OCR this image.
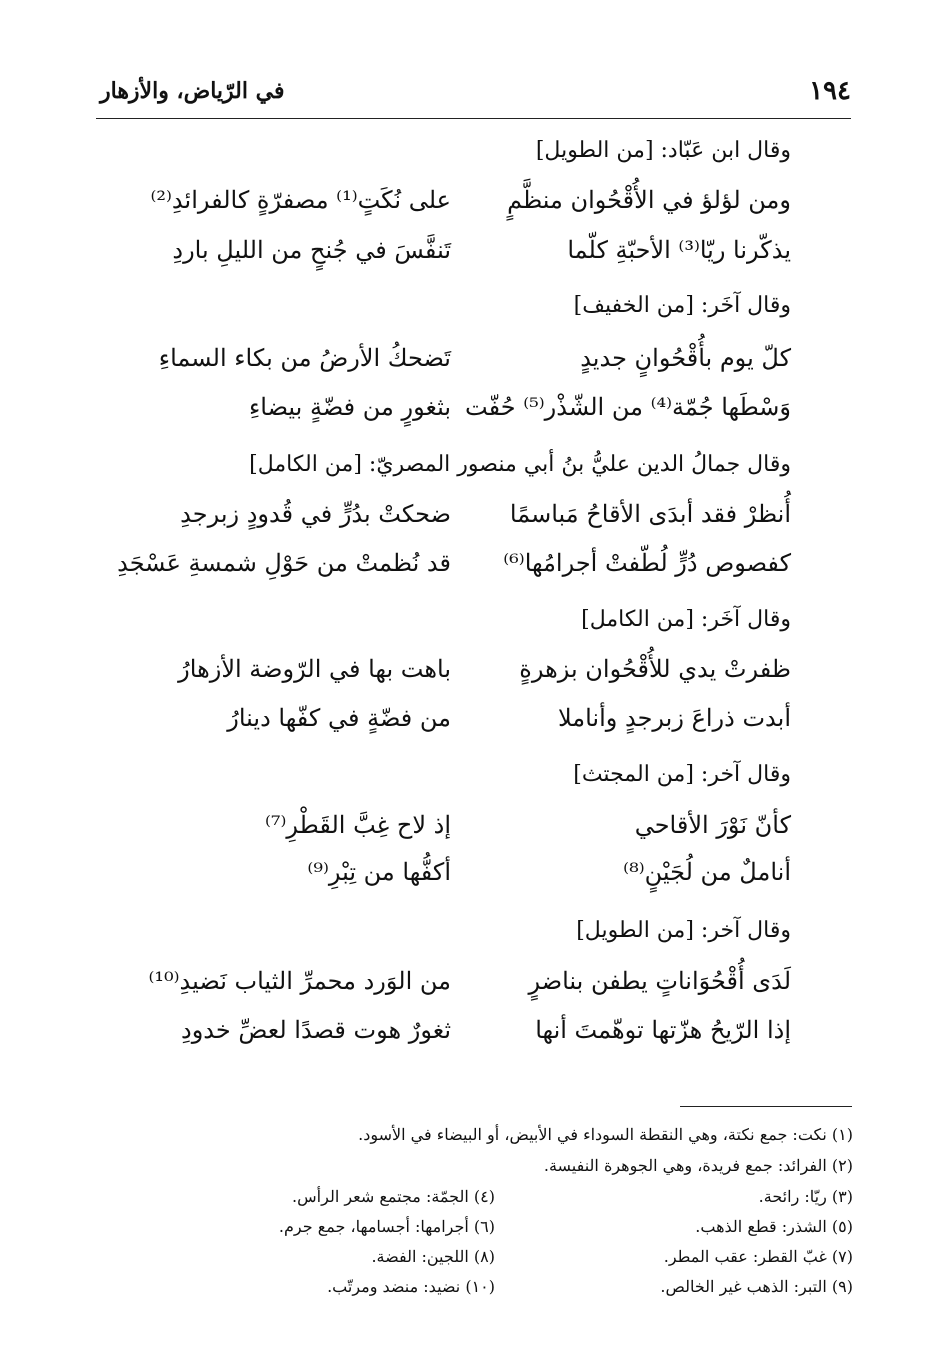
١٩٤
في الرّياض، والأزهار
وقال ابن عَبّاد: [من الطويل]
ومن لؤلؤ في الأُقْحُوان منظَّمٍ
على نُكَتٍ⁽¹⁾ مصفرّةٍ كالفرائدِ⁽²⁾
يذكّرنا ريّا⁽³⁾ الأحبّةِ كلّما
تَنفَّسَ في جُنحٍ من الليلِ باردِ
وقال آخَر: [من الخفيف]
كلّ يوم بأُقْحُوانٍ جديدٍ
تَضحكُ الأرضُ من بكاء السماءِ
وَسْطَها جُمّة⁽⁴⁾ من الشّذْر⁽⁵⁾ حُفّت
بثغورٍ من فضّةٍ بيضاءِ
وقال جمالُ الدين عليُّ بنُ أبي منصور المصريّ: [من الكامل]
أُنظرْ فقد أبدَى الأقاحُ مَباسمًا
ضحكتْ بدُرٍّ في قُدودٍ زبرجدِ
كفصوص دُرٍّ لُطّفتْ أجرامُها⁽⁶⁾
قد نُظمتْ من حَوْلِ شمسةِ عَسْجَدِ
وقال آخَر: [من الكامل]
ظفرتْ يدي للأُقْحُوان بزهرةٍ
باهت بها في الرّوضة الأزهارُ
أبدت ذراعَ زبرجدٍ وأناملا
من فضّةٍ في كفّها دينارُ
وقال آخر: [من المجتث]
كأنّ نَوْرَ الأقاحي
إذ لاح غِبَّ القَطْرِ⁽⁷⁾
أناملٌ من لُجَيْنٍ⁽⁸⁾
أكفُّها من تِبْرِ⁽⁹⁾
وقال آخر: [من الطويل]
لَدَى أُقْحُوَاناتٍ يطفن بناضرٍ
من الوَرد محمرِّ الثياب نَضيدِ⁽¹⁰⁾
إذا الرّيحُ هزّتها توهّمتَ أنها
ثغورٌ هوت قصدًا لعضِّ خدودِ
(١) نكت: جمع نكتة، وهي النقطة السوداء في الأبيض، أو البيضاء في الأسود.
(٢) الفرائد: جمع فريدة، وهي الجوهرة النفيسة.
(٣) ريّا: رائحة.
(٤) الجمّة: مجتمع شعر الرأس.
(٥) الشذر: قطع الذهب.
(٦) أجرامها: أجسامها، جمع جرم.
(٧) غبّ القطر: عقب المطر.
(٨) اللجين: الفضة.
(٩) التبر: الذهب غير الخالص.
(١٠) نضيد: منضد ومرتّب.
